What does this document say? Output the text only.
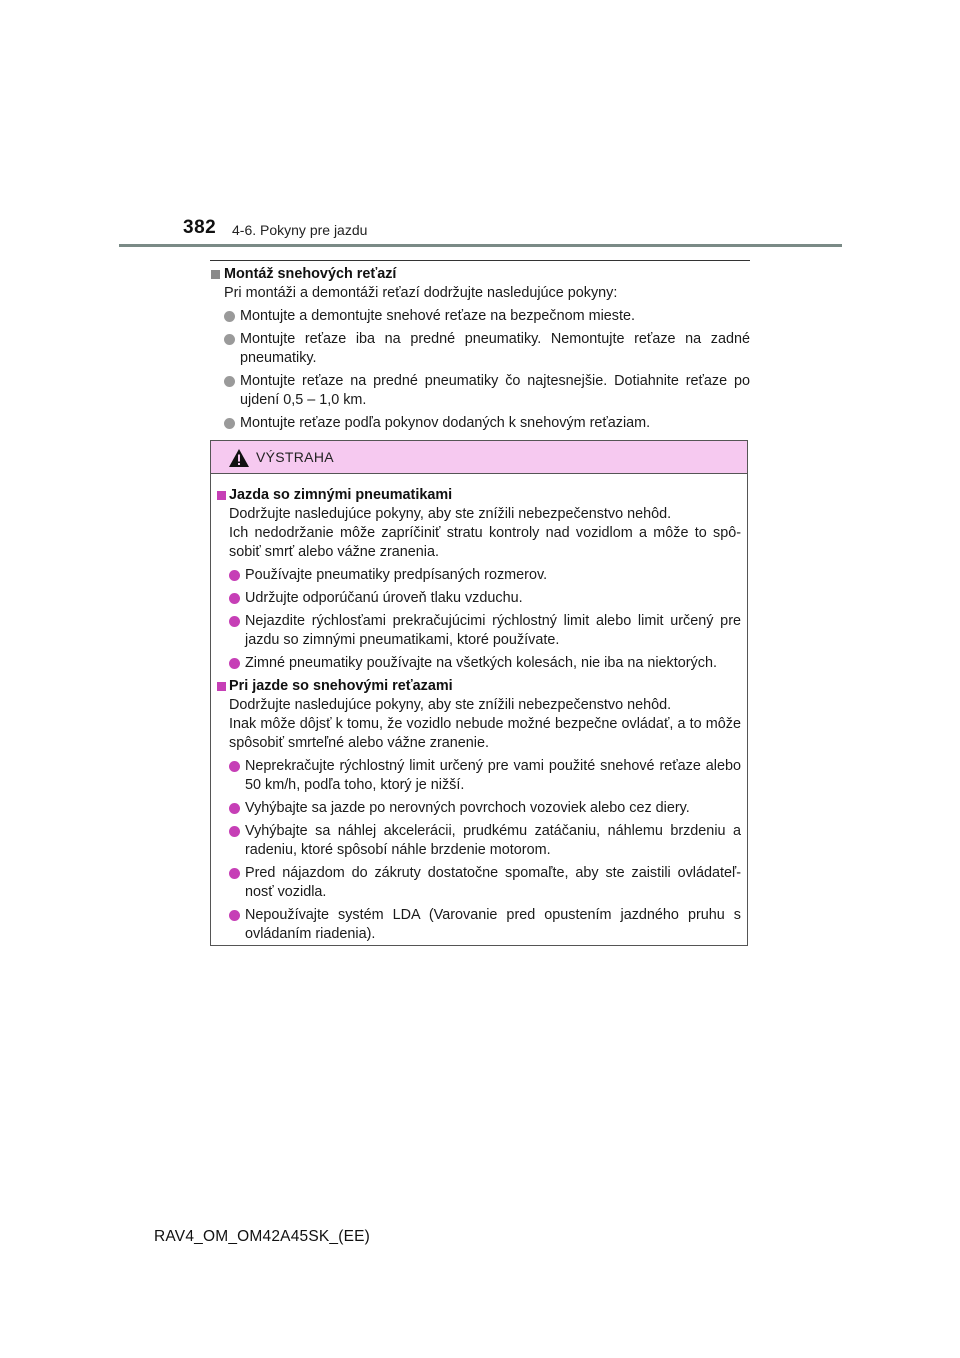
382 4-6. Pokyny pre jazdu
Montáž snehových reťazí
Pri montáži a demontáži reťazí dodržujte nasledujúce pokyny:
Montujte a demontujte snehové reťaze na bezpečnom mieste.
Montujte reťaze iba na predné pneumatiky. Nemontujte reťaze na zadné pneumatiky.
Montujte reťaze na predné pneumatiky čo najtesnejšie. Dotiahnite reťaze po ujdení 0,5 – 1,0 km.
Montujte reťaze podľa pokynov dodaných k snehovým reťaziam.
VÝSTRAHA
Jazda so zimnými pneumatikami
Dodržujte nasledujúce pokyny, aby ste znížili nebezpečenstvo nehôd.
Ich nedodržanie môže zapríčiniť stratu kontroly nad vozidlom a môže to spô-sobiť smrť alebo vážne zranenia.
Používajte pneumatiky predpísaných rozmerov.
Udržujte odporúčanú úroveň tlaku vzduchu.
Nejazdite rýchlosťami prekračujúcimi rýchlostný limit alebo limit určený pre jazdu so zimnými pneumatikami, ktoré používate.
Zimné pneumatiky používajte na všetkých kolesách, nie iba na niektorých.
Pri jazde so snehovými reťazami
Dodržujte nasledujúce pokyny, aby ste znížili nebezpečenstvo nehôd.
Inak môže dôjsť k tomu, že vozidlo nebude možné bezpečne ovládať, a to môže spôsobiť smrteľné alebo vážne zranenie.
Neprekračujte rýchlostný limit určený pre vami použité snehové reťaze alebo 50 km/h, podľa toho, ktorý je nižší.
Vyhýbajte sa jazde po nerovných povrchoch vozoviek alebo cez diery.
Vyhýbajte sa náhlej akcelerácii, prudkému zatáčaniu, náhlemu brzdeniu a radeniu, ktoré spôsobí náhle brzdenie motorom.
Pred nájazdom do zákruty dostatočne spomaľte, aby ste zaistili ovládateľ-nosť vozidla.
Nepoužívajte systém LDA (Varovanie pred opustením jazdného pruhu s ovládaním riadenia).
RAV4_OM_OM42A45SK_(EE)
